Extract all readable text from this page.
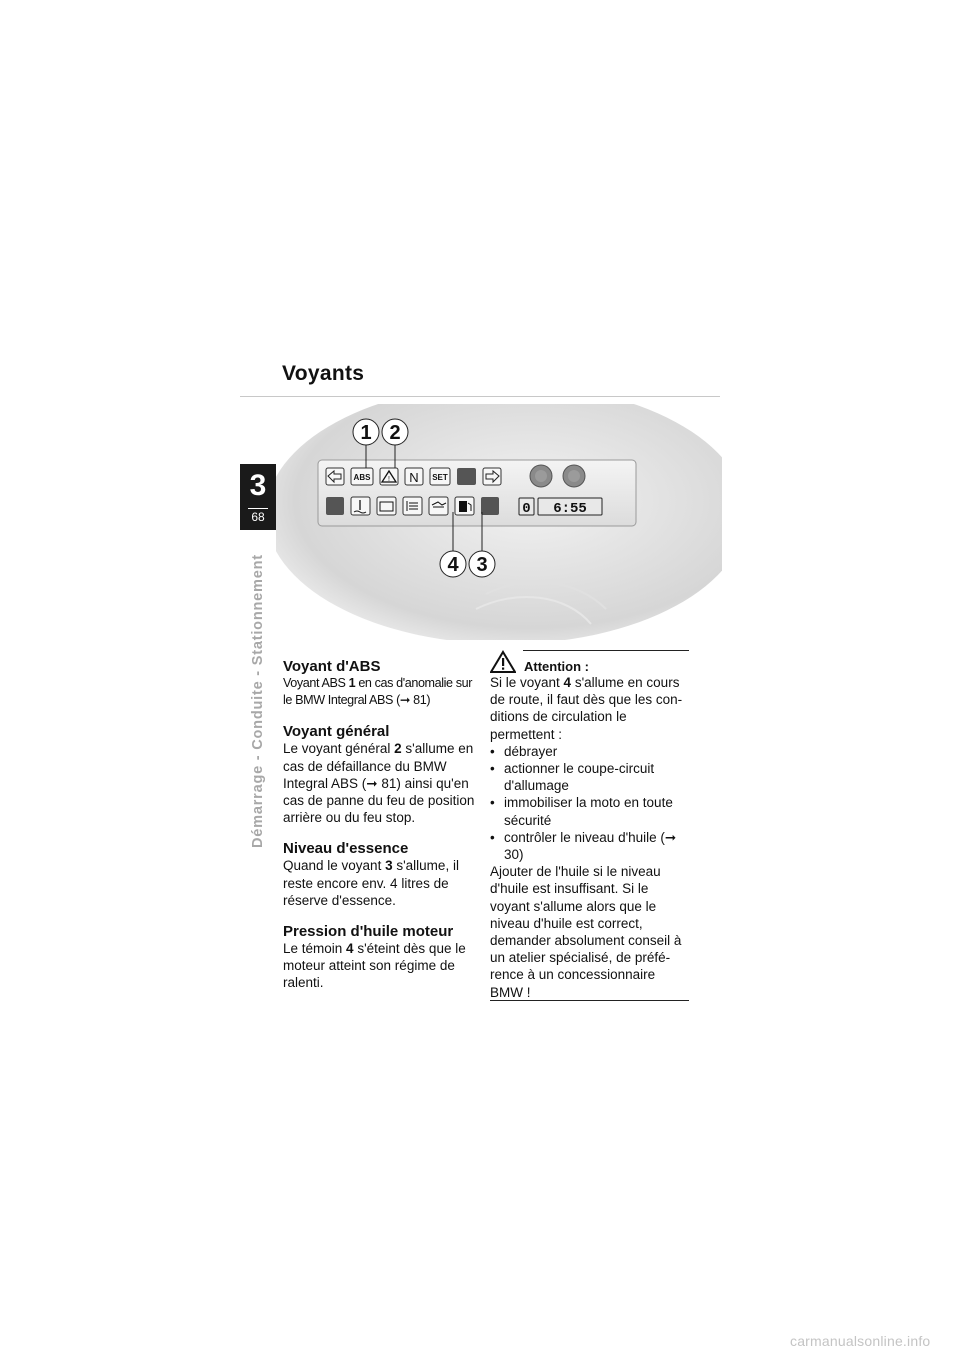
Voyants
3
68
Démarrage - Conduite - Stationnement
ABS	! N SET
0 6:55
1 2
4 3
Voyant d'ABS

Voyant ABS 1 en cas d'anomalie sur le BMW Integral ABS (➞ 81)

Voyant général

Le voyant général 2 s'allume en cas de défaillance du BMW Integral ABS (➞ 81) ainsi qu'en cas de panne du feu de position arrière ou du feu stop.

Niveau d'essence

Quand le voyant 3 s'allume, il reste encore env. 4 litres de réserve d'essence.

Pression d'huile moteur

Le témoin 4 s'éteint dès que le moteur atteint son régime de ralenti.

Attention :

Si le voyant 4 s'allume en cours de route, il faut dès que les con-ditions de circulation le permettent :

• débrayer
• actionner le coupe-circuit d'allumage
• immobiliser la moto en toute sécurité
• contrôler le niveau d'huile (➞ 30)

Ajouter de l'huile si le niveau d'huile est insuffisant. Si le voyant s'allume alors que le niveau d'huile est correct, demander absolument conseil à un atelier spécialisé, de préfé-rence à un concessionnaire BMW !

carmanualsonline.info
